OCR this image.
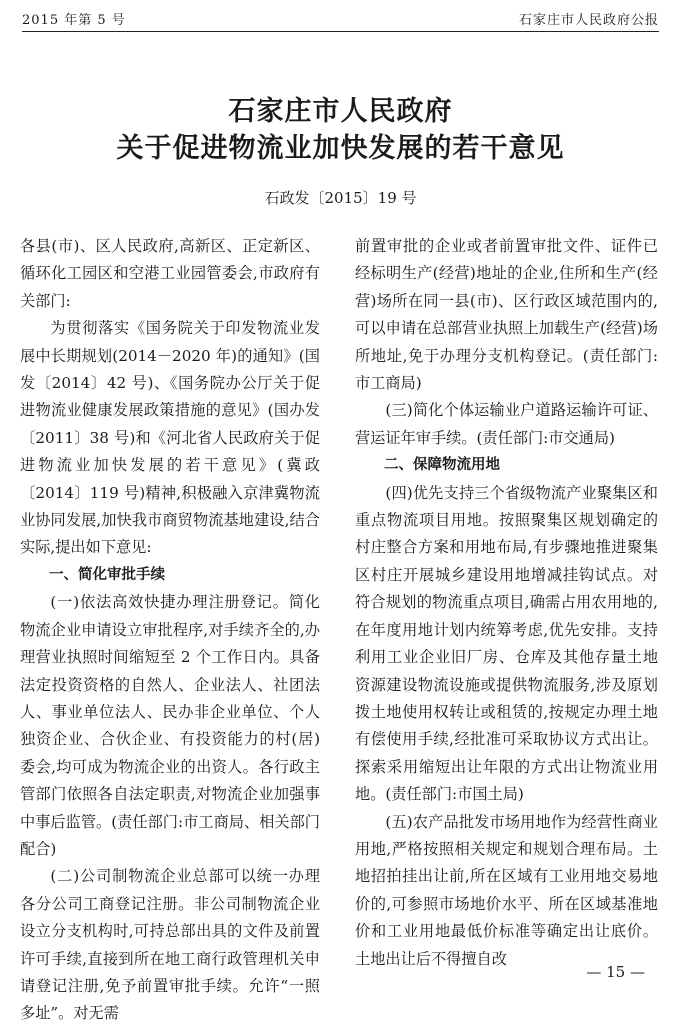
2015 年第 5 号	石家庄市人民政府公报
石家庄市人民政府
关于促进物流业加快发展的若干意见
石政发〔2015〕19 号

各县(市)、区人民政府,高新区、正定新区、循环化工园区和空港工业园管委会,市政府有关部门:

为贯彻落实《国务院关于印发物流业发展中长期规划(2014－2020 年)的通知》(国发〔2014〕42 号)、《国务院办公厅关于促进物流业健康发展政策措施的意见》(国办发〔2011〕38 号)和《河北省人民政府关于促进物流业加快发展的若干意见》(冀政〔2014〕119 号)精神,积极融入京津冀物流业协同发展,加快我市商贸物流基地建设,结合实际,提出如下意见:

一、简化审批手续

(一)依法高效快捷办理注册登记。简化物流企业申请设立审批程序,对手续齐全的,办理营业执照时间缩短至 2 个工作日内。具备法定投资资格的自然人、企业法人、社团法人、事业单位法人、民办非企业单位、个人独资企业、合伙企业、有投资能力的村(居)委会,均可成为物流企业的出资人。各行政主管部门依照各自法定职责,对物流企业加强事中事后监管。(责任部门:市工商局、相关部门配合)

(二)公司制物流企业总部可以统一办理各分公司工商登记注册。非公司制物流企业设立分支机构时,可持总部出具的文件及前置许可手续,直接到所在地工商行政管理机关申请登记注册,免予前置审批手续。允许“一照多址”。对无需

前置审批的企业或者前置审批文件、证件已经标明生产(经营)地址的企业,住所和生产(经营)场所在同一县(市)、区行政区域范围内的,可以申请在总部营业执照上加载生产(经营)场所地址,免于办理分支机构登记。(责任部门:市工商局)

(三)简化个体运输业户道路运输许可证、营运证年审手续。(责任部门:市交通局)

二、保障物流用地

(四)优先支持三个省级物流产业聚集区和重点物流项目用地。按照聚集区规划确定的村庄整合方案和用地布局,有步骤地推进聚集区村庄开展城乡建设用地增减挂钩试点。对符合规划的物流重点项目,确需占用农用地的,在年度用地计划内统筹考虑,优先安排。支持利用工业企业旧厂房、仓库及其他存量土地资源建设物流设施或提供物流服务,涉及原划拨土地使用权转让或租赁的,按规定办理土地有偿使用手续,经批准可采取协议方式出让。探索采用缩短出让年限的方式出让物流业用地。(责任部门:市国土局)

(五)农产品批发市场用地作为经营性商业用地,严格按照相关规定和规划合理布局。土地招拍挂出让前,所在区域有工业用地交易地价的,可参照市场地价水平、所在区域基准地价和工业用地最低价标准等确定出让底价。土地出让后不得擅自改

— 15 —
